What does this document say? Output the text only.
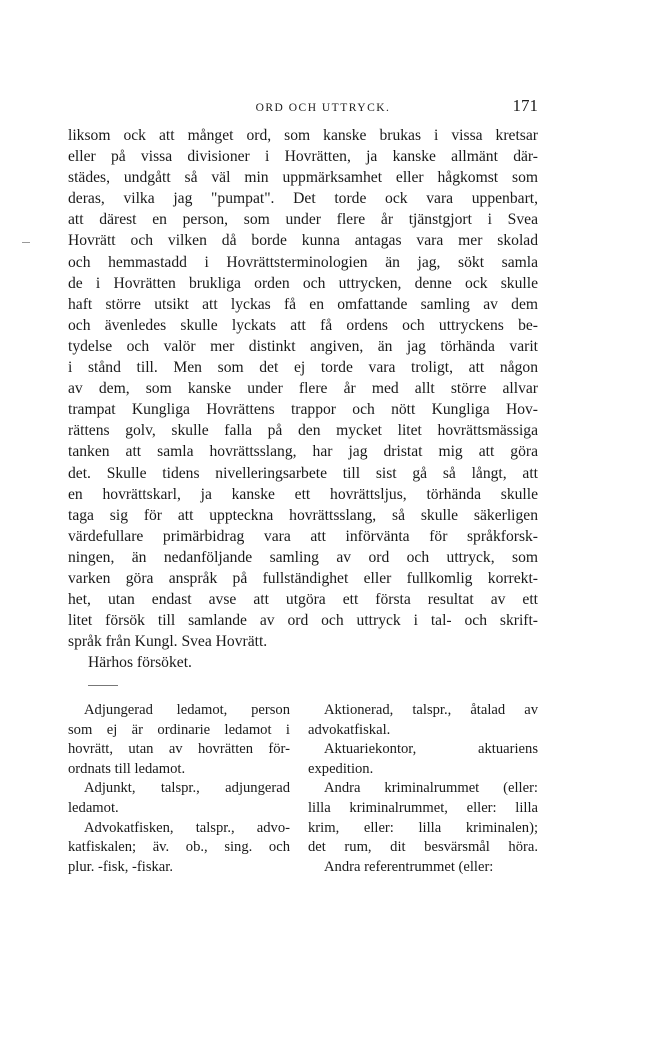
ORD OCH UTTRYCK.	171
liksom ock att månget ord, som kanske brukas i vissa kretsar
eller på vissa divisioner i Hovrätten, ja kanske allmänt där-
städes, undgått så väl min uppmärksamhet eller hågkomst som
deras, vilka jag "pumpat". Det torde ock vara uppenbart,
att därest en person, som under flere år tjänstgjort i Svea
Hovrätt och vilken då borde kunna antagas vara mer skolad
och hemmastadd i Hovrättsterminologien än jag, sökt samla
de i Hovrätten brukliga orden och uttrycken, denne ock skulle
haft större utsikt att lyckas få en omfattande samling av dem
och ävenledes skulle lyckats att få ordens och uttryckens be-
tydelse och valör mer distinkt angiven, än jag törhända varit
i stånd till. Men som det ej torde vara troligt, att någon
av dem, som kanske under flere år med allt större allvar
trampat Kungliga Hovrättens trappor och nött Kungliga Hov-
rättens golv, skulle falla på den mycket litet hovrättsmässiga
tanken att samla hovrättsslang, har jag dristat mig att göra
det. Skulle tidens nivelleringsarbete till sist gå så långt, att
en hovrättskarl, ja kanske ett hovrättsljus, törhända skulle
taga sig för att uppteckna hovrättsslang, så skulle säkerligen
värdefullare primärbidrag vara att införvänta för språkforsk-
ningen, än nedanföljande samling av ord och uttryck, som
varken göra anspråk på fullständighet eller fullkomlig korrekt-
het, utan endast avse att utgöra ett första resultat av ett
litet försök till samlande av ord och uttryck i tal- och skrift-
språk från Kungl. Svea Hovrätt.
Härhos försöket.
Adjungerad ledamot, person
som ej är ordinarie ledamot i
hovrätt, utan av hovrätten för-
ordnats till ledamot.
Adjunkt, talspr., adjungerad
ledamot.
Advokatfisken, talspr., advo-
katfiskalen; äv. ob., sing. och
plur. -fisk, -fiskar.
Aktionerad, talspr., åtalad av
advokatfiskal.
Aktuariekontor, aktuariens
expedition.
Andra kriminalrummet (eller:
lilla kriminalrummet, eller: lilla
krim, eller: lilla kriminalen);
det rum, dit besvärsmål höra.
Andra referentrummet (eller:
